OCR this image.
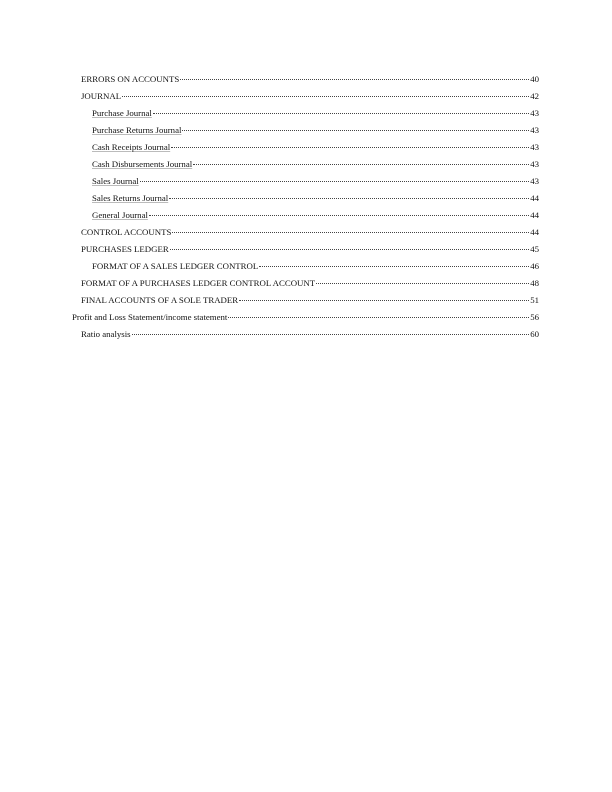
ERRORS ON ACCOUNTS	40
JOURNAL	42
Purchase Journal	43
Purchase Returns Journal	43
Cash Receipts Journal	43
Cash Disbursements Journal	43
Sales Journal	43
Sales Returns Journal	44
General Journal	44
CONTROL ACCOUNTS	44
PURCHASES LEDGER	45
FORMAT OF A SALES LEDGER CONTROL	46
FORMAT OF A PURCHASES LEDGER CONTROL ACCOUNT	48
FINAL ACCOUNTS OF A SOLE TRADER	51
Profit and Loss Statement/income statement	56
Ratio analysis	60
